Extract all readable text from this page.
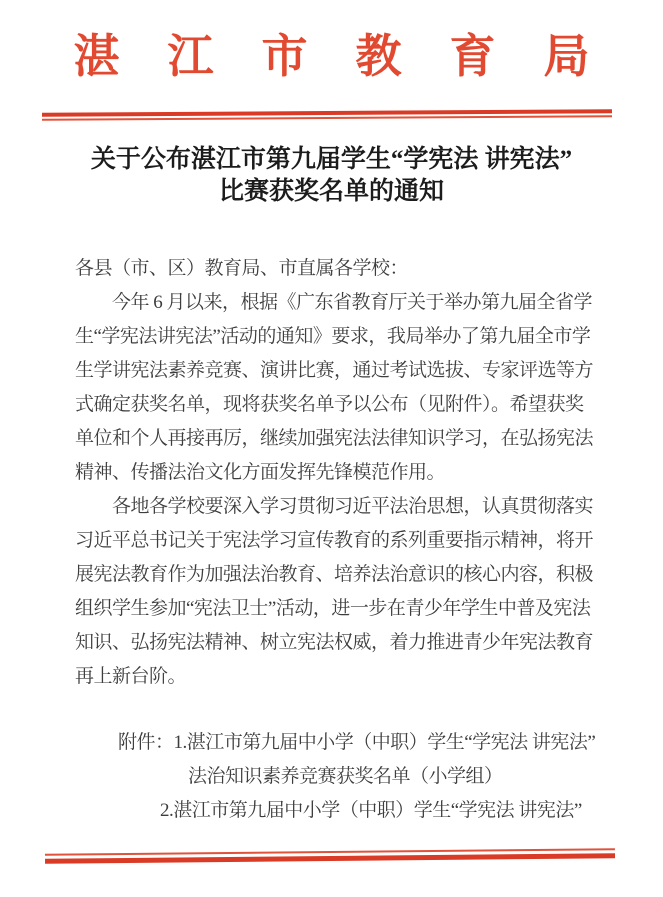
湛江市教育局
关于公布湛江市第九届学生“学宪法 讲宪法”
比赛获奖名单的通知

各县（市、区）教育局、市直属各学校：

今年 6 月以来，根据《广东省教育厅关于举办第九届全省学

生“学宪法讲宪法”活动的通知》要求，我局举办了第九届全市学

生学讲宪法素养竞赛、演讲比赛，通过考试选拔、专家评选等方

式确定获奖名单，现将获奖名单予以公布（见附件）。希望获奖

单位和个人再接再厉，继续加强宪法法律知识学习，在弘扬宪法

精神、传播法治文化方面发挥先锋模范作用。

各地各学校要深入学习贯彻习近平法治思想，认真贯彻落实

习近平总书记关于宪法学习宣传教育的系列重要指示精神，将开

展宪法教育作为加强法治教育、培养法治意识的核心内容，积极

组织学生参加“宪法卫士”活动，进一步在青少年学生中普及宪法

知识、弘扬宪法精神、树立宪法权威，着力推进青少年宪法教育

再上新台阶。

附件：1.湛江市第九届中小学（中职）学生“学宪法 讲宪法”

法治知识素养竞赛获奖名单（小学组）

2.湛江市第九届中小学（中职）学生“学宪法 讲宪法”
